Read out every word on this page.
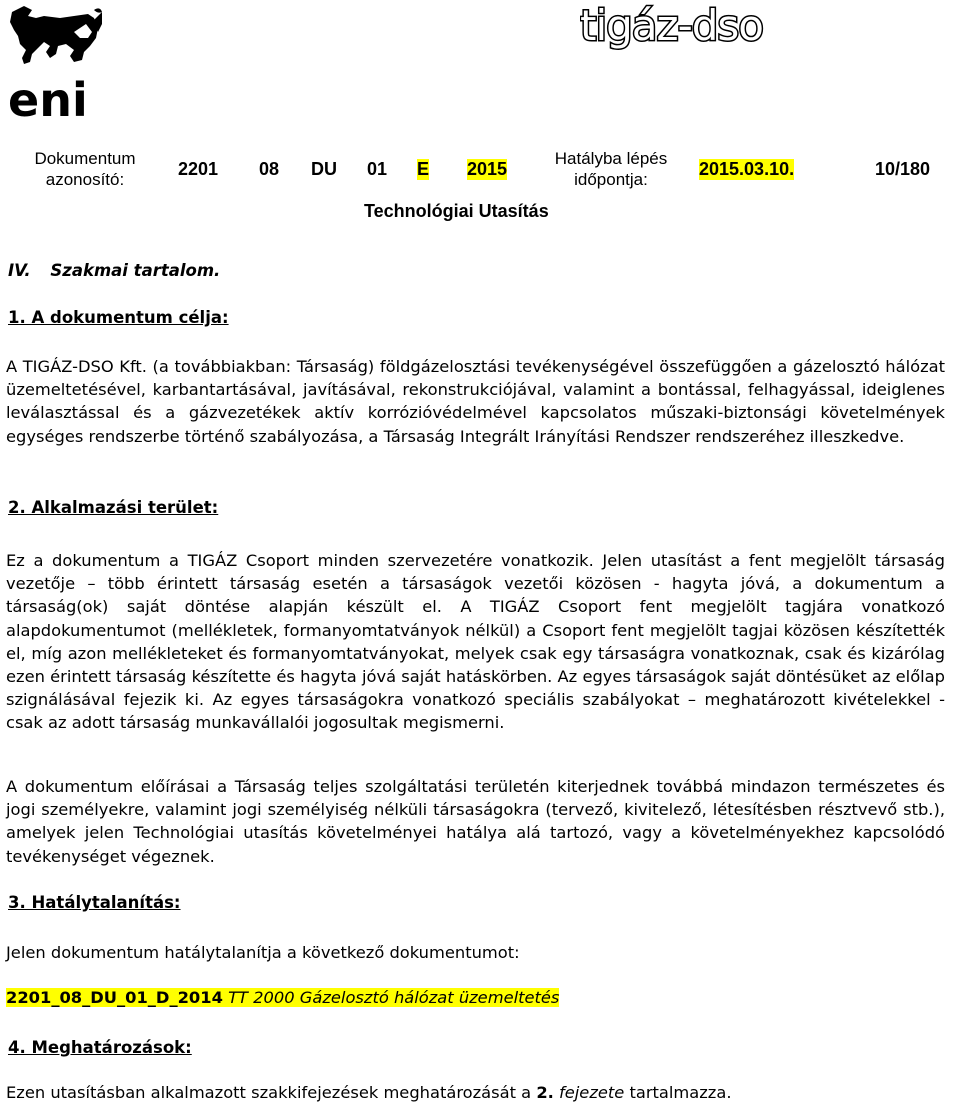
eni
tigáz-dso
Dokumentum
azonosító:
2201 08 DU 01 E 2015
Hatályba lépés
időpontja:
2015.03.10.	10/180
Technológiai Utasítás
IV. Szakmai tartalom.
1. A dokumentum célja:
A TIGÁZ-DSO Kft. (a továbbiakban: Társaság) földgázelosztási tevékenységével összefüggően a gázelosztó hálózat üzemeltetésével, karbantartásával, javításával, rekonstrukciójával, valamint a bontással, felhagyással, ideiglenes leválasztással és a gázvezetékek aktív korrózióvédelmével kapcsolatos műszaki-biztonsági követelmények egységes rendszerbe történő szabályozása, a Társaság Integrált Irányítási Rendszer rendszeréhez illeszkedve.
2. Alkalmazási terület:
Ez a dokumentum a TIGÁZ Csoport minden szervezetére vonatkozik. Jelen utasítást a fent megjelölt társaság vezetője – több érintett társaság esetén a társaságok vezetői közösen - hagyta jóvá, a dokumentum a társaság(ok) saját döntése alapján készült el. A TIGÁZ Csoport fent megjelölt tagjára vonatkozó alapdokumentumot (mellékletek, formanyomtatványok nélkül) a Csoport fent megjelölt tagjai közösen készítették el, míg azon mellékleteket és formanyomtatványokat, melyek csak egy társaságra vonatkoznak, csak és kizárólag ezen érintett társaság készítette és hagyta jóvá saját hatáskörben. Az egyes társaságok saját döntésüket az előlap szignálásával fejezik ki. Az egyes társaságokra vonatkozó speciális szabályokat – meghatározott kivételekkel - csak az adott társaság munkavállalói jogosultak megismerni.
A dokumentum előírásai a Társaság teljes szolgáltatási területén kiterjednek továbbá mindazon természetes és jogi személyekre, valamint jogi személyiség nélküli társaságokra (tervező, kivitelező, létesítésben résztvevő stb.), amelyek jelen Technológiai utasítás követelményei hatálya alá tartozó, vagy a követelményekhez kapcsolódó tevékenységet végeznek.
3. Hatálytalanítás:
Jelen dokumentum hatálytalanítja a következő dokumentumot:
2201_08_DU_01_D_2014 TT 2000 Gázelosztó hálózat üzemeltetés
4. Meghatározások:
Ezen utasításban alkalmazott szakkifejezések meghatározását a 2. fejezete tartalmazza.
